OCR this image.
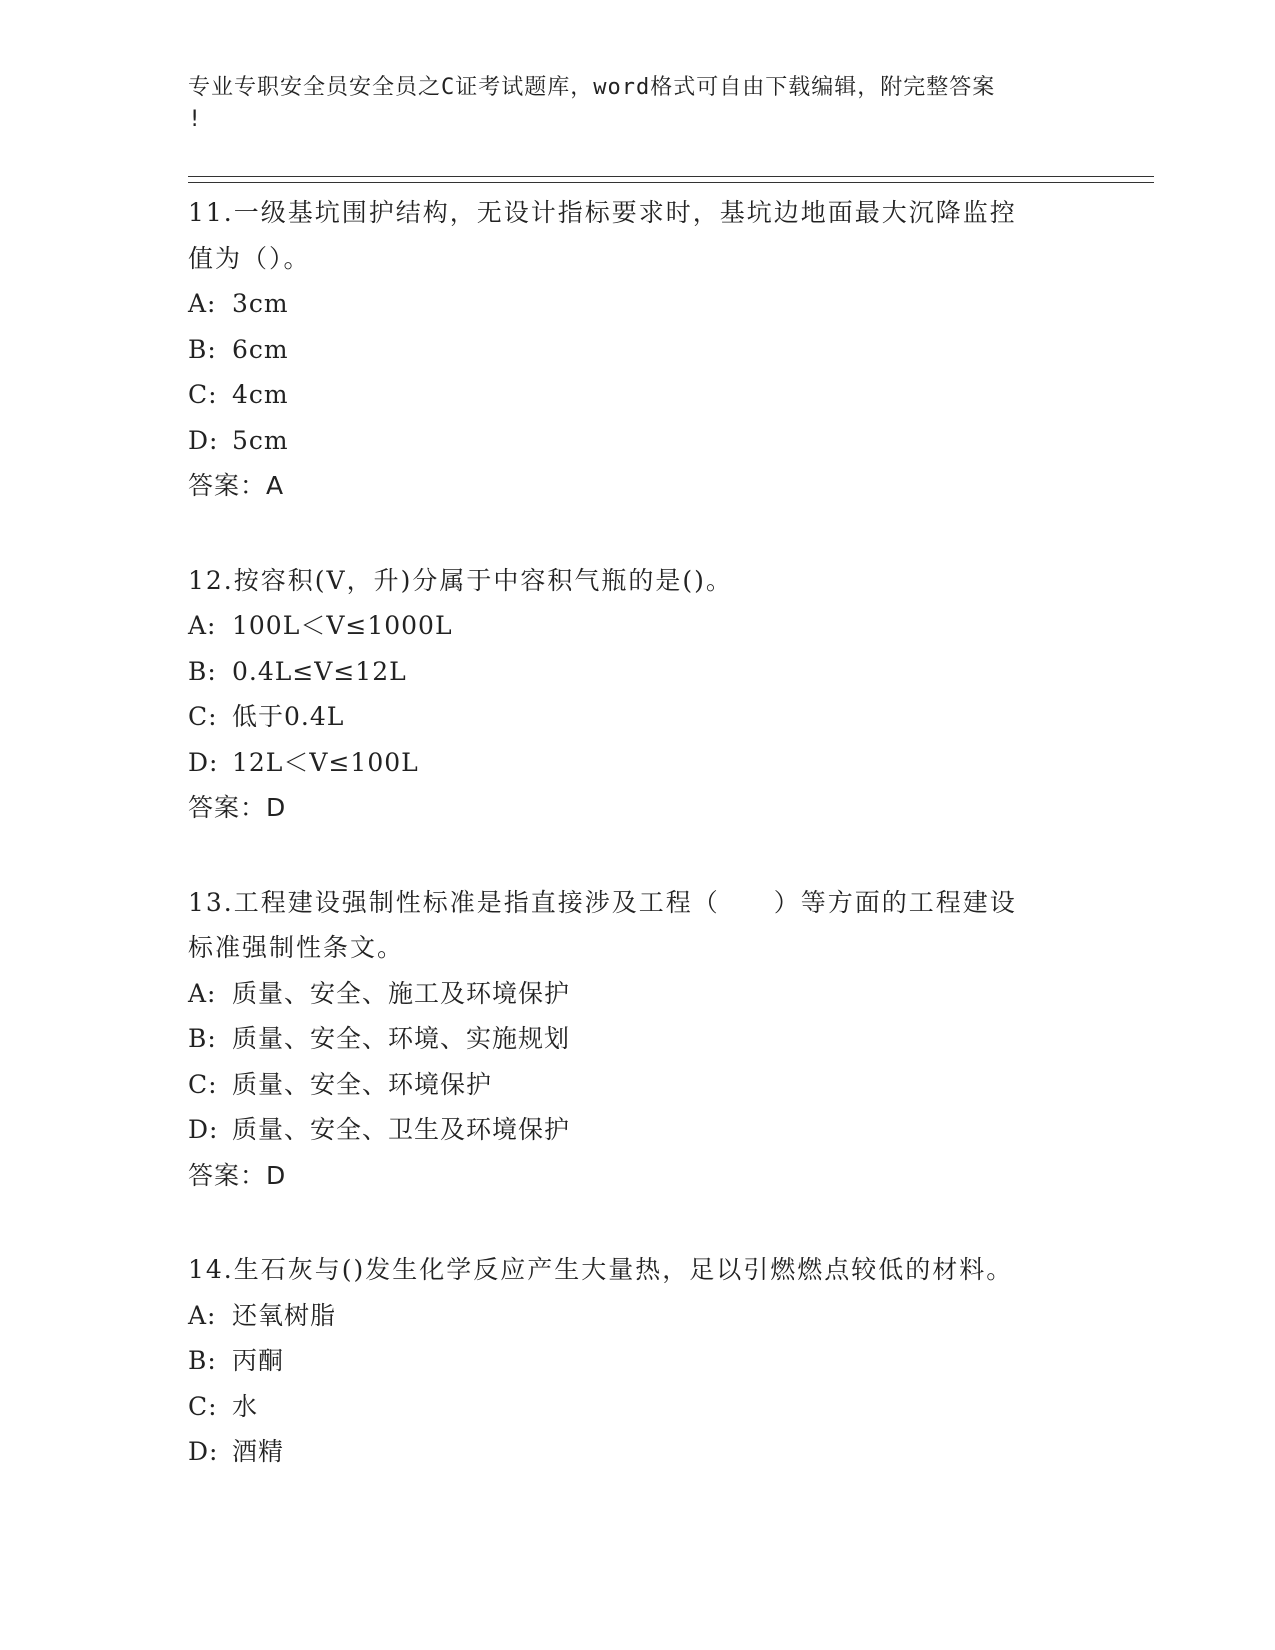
专业专职安全员安全员之C证考试题库，word格式可自由下载编辑，附完整答案
!

11.一级基坑围护结构，无设计指标要求时，基坑边地面最大沉降监控
值为（）。

A: 3cm

B: 6cm

C: 4cm

D: 5cm

答案：A

12.按容积(V，升)分属于中容积气瓶的是()。

A: 100L＜V≤1000L

B: 0.4L≤V≤12L

C: 低于0.4L

D: 12L＜V≤100L

答案：D

13.工程建设强制性标准是指直接涉及工程（　　）等方面的工程建设
标准强制性条文。

A: 质量、安全、施工及环境保护

B: 质量、安全、环境、实施规划

C: 质量、安全、环境保护

D: 质量、安全、卫生及环境保护

答案：D

14.生石灰与()发生化学反应产生大量热，足以引燃燃点较低的材料。

A: 还氧树脂

B: 丙酮

C: 水

D: 酒精
